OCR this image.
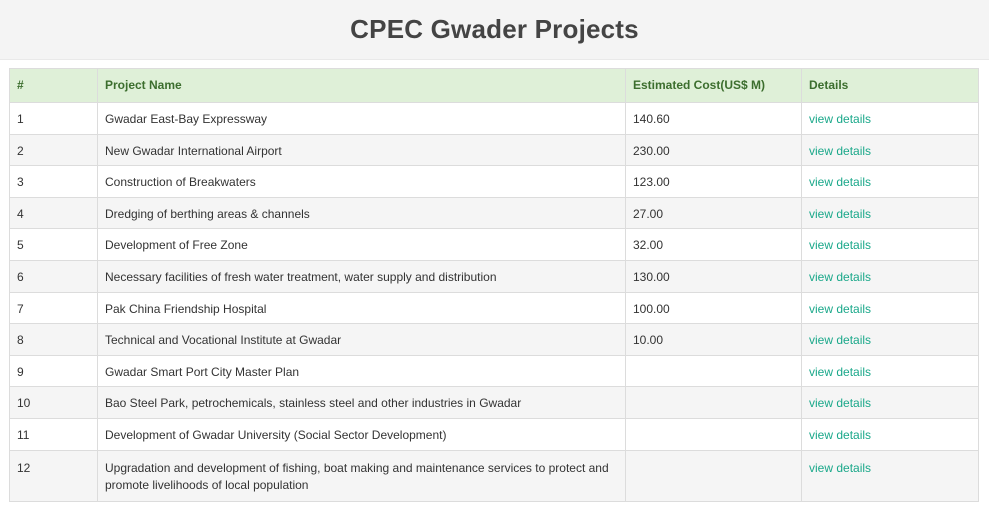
CPEC Gwader Projects
#	Project Name	Estimated Cost(US$ M)	Details
1	Gwadar East-Bay Expressway	140.60	view details
2	New Gwadar International Airport	230.00	view details
3	Construction of Breakwaters	123.00	view details
4	Dredging of berthing areas & channels	27.00	view details
5	Development of Free Zone	32.00	view details
6	Necessary facilities of fresh water treatment, water supply and distribution	130.00	view details
7	Pak China Friendship Hospital	100.00	view details
8	Technical and Vocational Institute at Gwadar	10.00	view details
9	Gwadar Smart Port City Master Plan		view details
10	Bao Steel Park, petrochemicals, stainless steel and other industries in Gwadar		view details
11	Development of Gwadar University (Social Sector Development)		view details
12	Upgradation and development of fishing, boat making and maintenance services to protect and promote livelihoods of local population		view details
